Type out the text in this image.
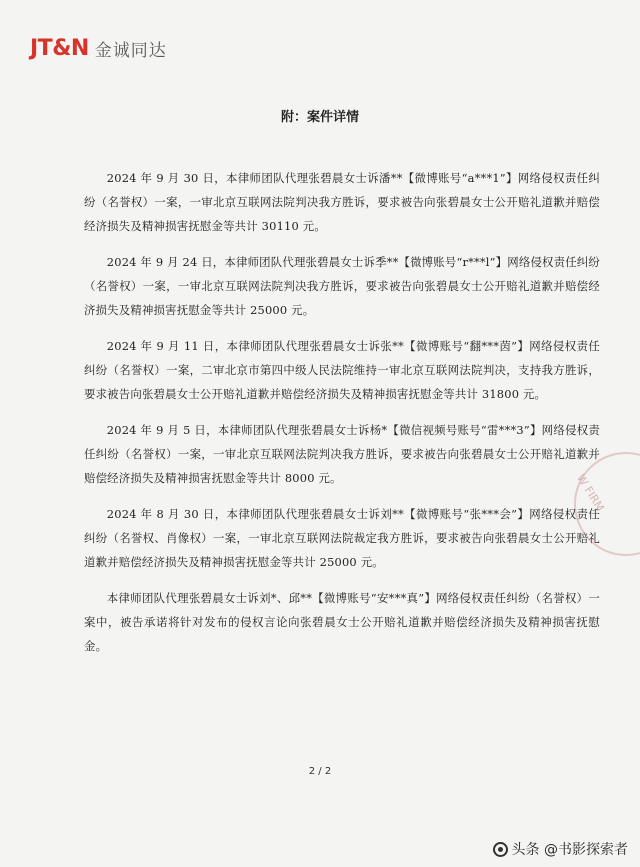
JT&N 金诚同达
附：案件详情

2024 年 9 月 30 日，本律师团队代理张碧晨女士诉潘**【微博账号“a***1”】网络侵权责任纠纷（名誉权）一案，一审北京互联网法院判决我方胜诉，要求被告向张碧晨女士公开赔礼道歉并赔偿经济损失及精神损害抚慰金等共计 30110 元。

2024 年 9 月 24 日，本律师团队代理张碧晨女士诉季**【微博账号“r***l”】网络侵权责任纠纷（名誉权）一案，一审北京互联网法院判决我方胜诉，要求被告向张碧晨女士公开赔礼道歉并赔偿经济损失及精神损害抚慰金等共计 25000 元。

2024 年 9 月 11 日，本律师团队代理张碧晨女士诉张**【微博账号“翻***茵”】网络侵权责任纠纷（名誉权）一案，二审北京市第四中级人民法院维持一审北京互联网法院判决，支持我方胜诉，要求被告向张碧晨女士公开赔礼道歉并赔偿经济损失及精神损害抚慰金等共计 31800 元。

2024 年 9 月 5 日，本律师团队代理张碧晨女士诉杨*【微信视频号账号“雷***3”】网络侵权责任纠纷（名誉权）一案，一审北京互联网法院判决我方胜诉，要求被告向张碧晨女士公开赔礼道歉并赔偿经济损失及精神损害抚慰金等共计 8000 元。

2024 年 8 月 30 日，本律师团队代理张碧晨女士诉刘**【微博账号“张***会”】网络侵权责任纠纷（名誉权、肖像权）一案，一审北京互联网法院裁定我方胜诉，要求被告向张碧晨女士公开赔礼道歉并赔偿经济损失及精神损害抚慰金等共计 25000 元。

本律师团队代理张碧晨女士诉刘*、邱**【微博账号“安***真”】网络侵权责任纠纷（名誉权）一案中，被告承诺将针对发布的侵权言论向张碧晨女士公开赔礼道歉并赔偿经济损失及精神损害抚慰金。

W FIRM
2 / 2
头条 @书影探索者
